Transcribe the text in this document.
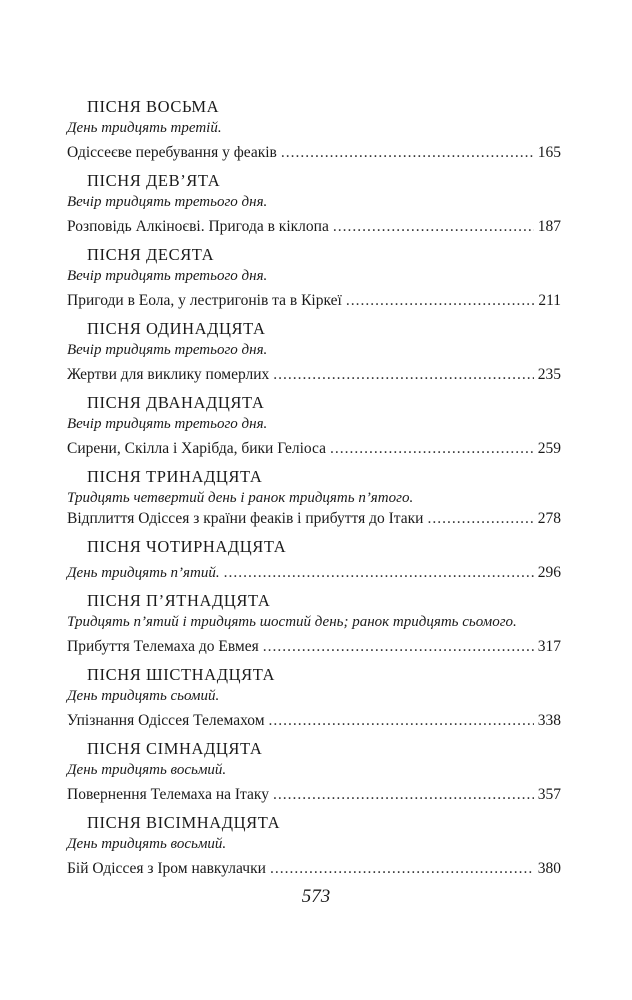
ПІСНЯ ВОСЬМА
День тридцять третій.
Одіссеєве перебування у феаків .....	165
ПІСНЯ ДЕВ’ЯТА
Вечір тридцять третього дня.
Розповідь Алкіноєві. Пригода в кіклопа .....	187
ПІСНЯ ДЕСЯТА
Вечір тридцять третього дня.
Пригоди в Еола, у лестригонів та в Кіркеї .....	211
ПІСНЯ ОДИНАДЦЯТА
Вечір тридцять третього дня.
Жертви для виклику померлих .....	235
ПІСНЯ ДВАНАДЦЯТА
Вечір тридцять третього дня.
Сирени, Скілла і Харібда, бики Геліоса .....	259
ПІСНЯ ТРИНАДЦЯТА
Тридцять четвертий день і ранок тридцять п’ятого.
Відплиття Одіссея з країни феаків і прибуття до Ітаки .....	278
ПІСНЯ ЧОТИРНАДЦЯТА
День тридцять п’ятий. .....	296
ПІСНЯ П’ЯТНАДЦЯТА
Тридцять п’ятий і тридцять шостий день; ранок тридцять сьомого.
Прибуття Телемаха до Евмея .....	317
ПІСНЯ ШІСТНАДЦЯТА
День тридцять сьомий.
Упізнання Одіссея Телемахом .....	338
ПІСНЯ СІМНАДЦЯТА
День тридцять восьмий.
Повернення Телемаха на Ітаку .....	357
ПІСНЯ ВІСІМНАДЦЯТА
День тридцять восьмий.
Бій Одіссея з Іром навкулачки .....	380
573
